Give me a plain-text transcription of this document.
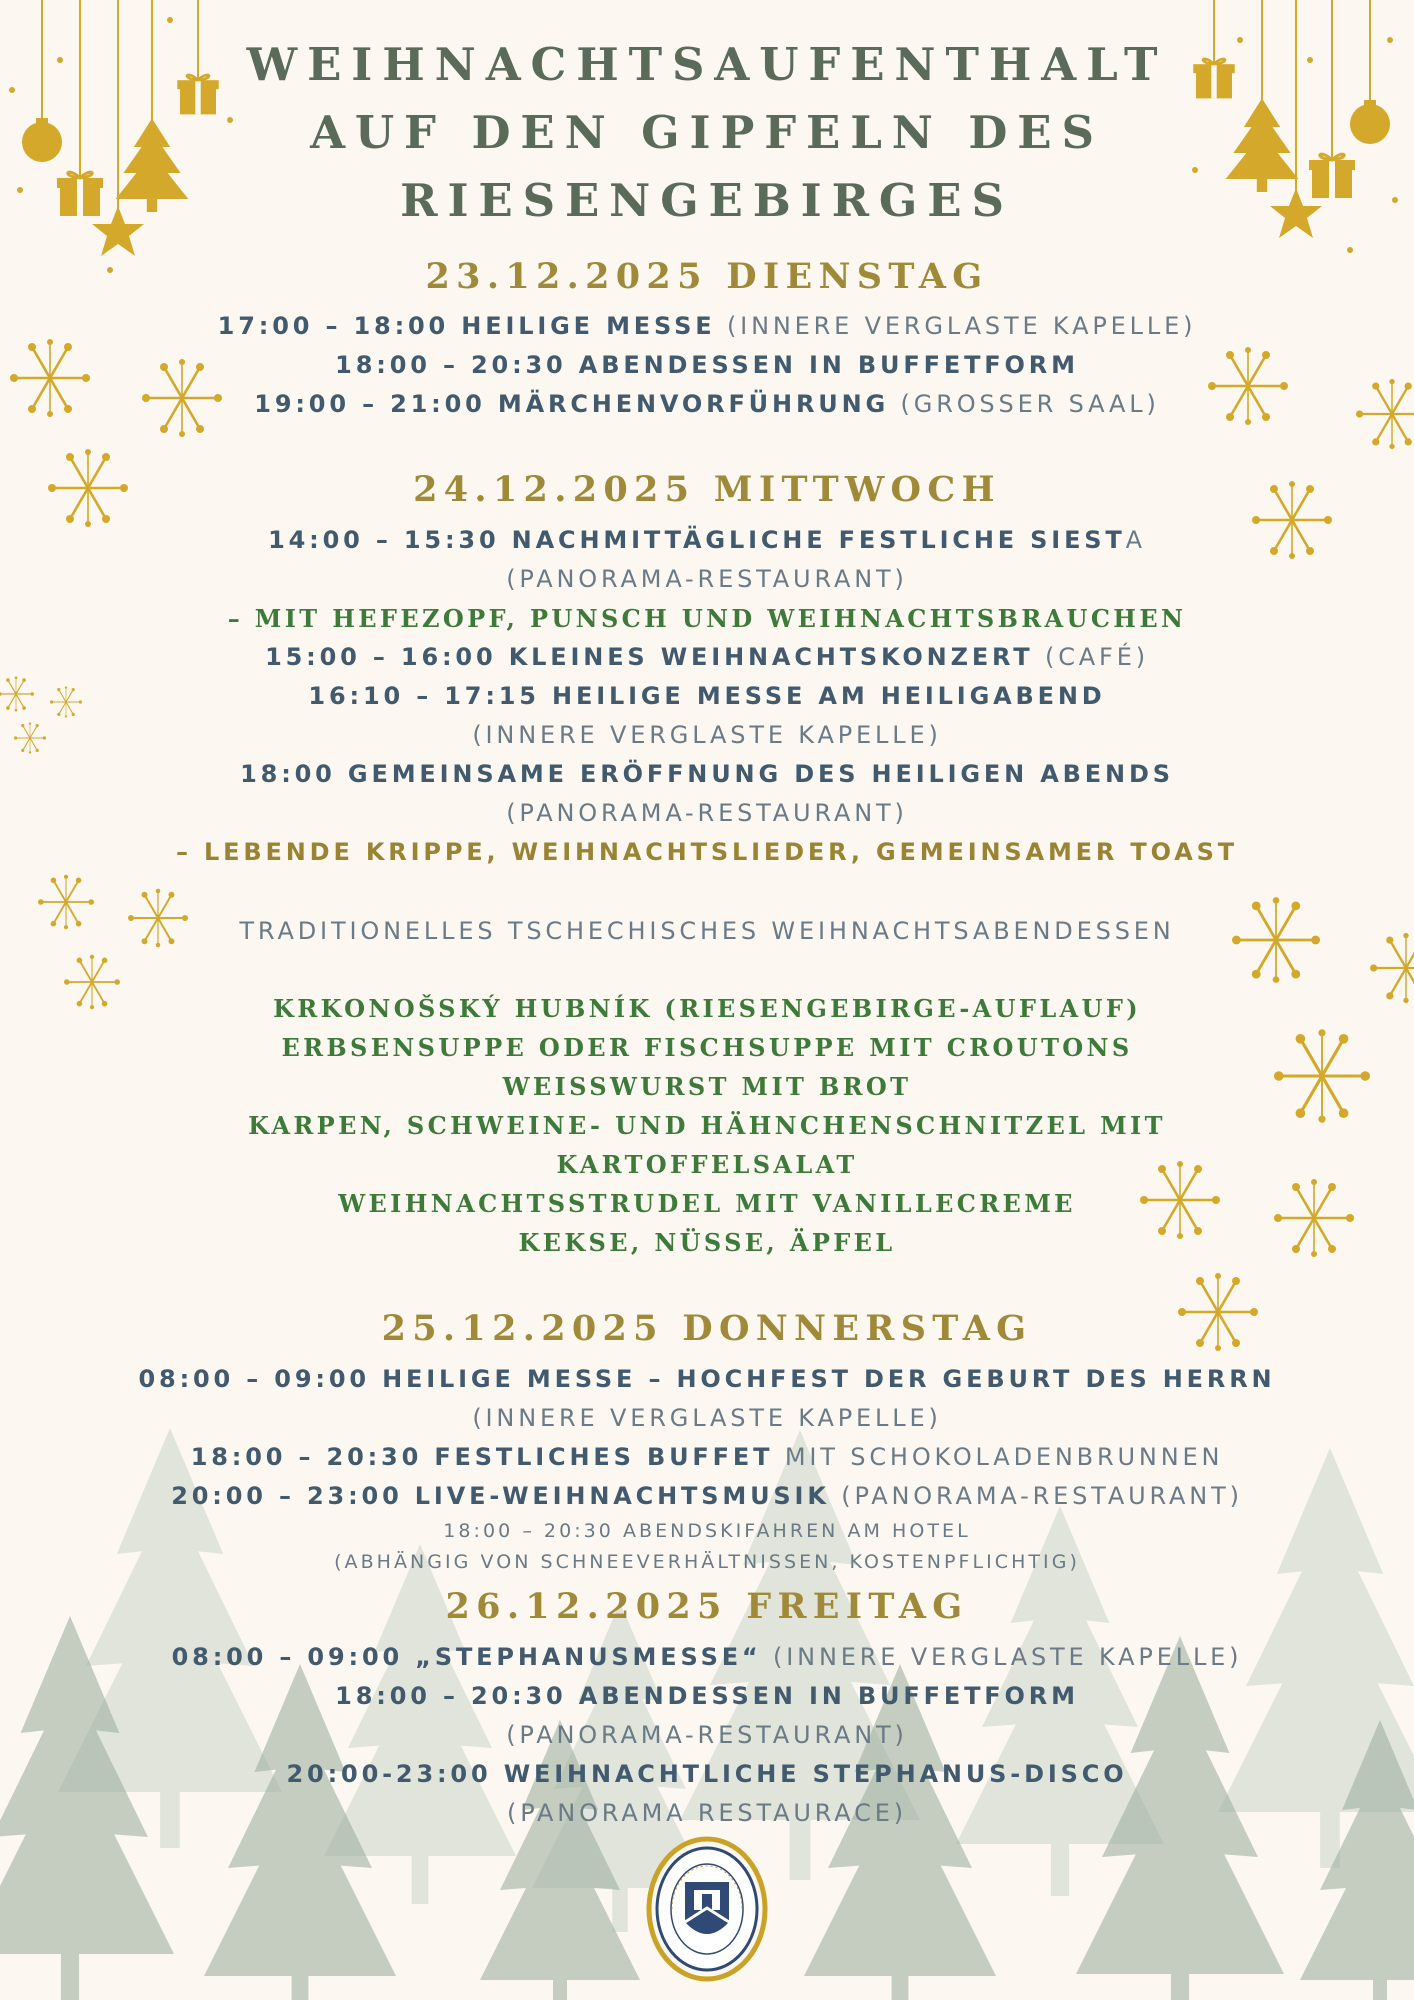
WEIHNACHTSAUFENTHALT
AUF DEN GIPFELN DES
RIESENGEBIRGES
23.12.2025 DIENSTAG
17:00 – 18:00 HEILIGE MESSE (INNERE VERGLASTE KAPELLE)
18:00 – 20:30 ABENDESSEN IN BUFFETFORM
19:00 – 21:00 MÄRCHENVORFÜHRUNG (GROSSER SAAL)
24.12.2025 MITTWOCH
14:00 – 15:30 NACHMITTÄGLICHE FESTLICHE SIESTA
(PANORAMA-RESTAURANT)
– MIT HEFEZOPF, PUNSCH UND WEIHNACHTSBRAUCHEN
15:00 – 16:00 KLEINES WEIHNACHTSKONZERT (CAFÉ)
16:10 – 17:15 HEILIGE MESSE AM HEILIGABEND
(INNERE VERGLASTE KAPELLE)
18:00 GEMEINSAME ERÖFFNUNG DES HEILIGEN ABENDS
(PANORAMA-RESTAURANT)
– LEBENDE KRIPPE, WEIHNACHTSLIEDER, GEMEINSAMER TOAST
TRADITIONELLES TSCHECHISCHES WEIHNACHTSABENDESSEN
KRKONOŠSKÝ HUBNÍK (RIESENGEBIRGE-AUFLAUF)
ERBSENSUPPE ODER FISCHSUPPE MIT CROUTONS
WEISSWURST MIT BROT
KARPEN, SCHWEINE- UND HÄHNCHENSCHNITZEL MIT
KARTOFFELSALAT
WEIHNACHTSSTRUDEL MIT VANILLECREME
KEKSE, NÜSSE, ÄPFEL
25.12.2025 DONNERSTAG
08:00 – 09:00 HEILIGE MESSE – HOCHFEST DER GEBURT DES HERRN
(INNERE VERGLASTE KAPELLE)
18:00 – 20:30 FESTLICHES BUFFET MIT SCHOKOLADENBRUNNEN
20:00 – 23:00 LIVE-WEIHNACHTSMUSIK (PANORAMA-RESTAURANT)
18:00 – 20:30 ABENDSKIFAHREN AM HOTEL
(ABHÄNGIG VON SCHNEEVERHÄLTNISSEN, KOSTENPFLICHTIG)
26.12.2025 FREITAG
08:00 – 09:00 „STEPHANUSMESSE“ (INNERE VERGLASTE KAPELLE)
18:00 – 20:30 ABENDESSEN IN BUFFETFORM
(PANORAMA-RESTAURANT)
20:00-23:00 WEIHNACHTLICHE STEPHANUS-DISCO
(PANORAMA RESTAURACE)
